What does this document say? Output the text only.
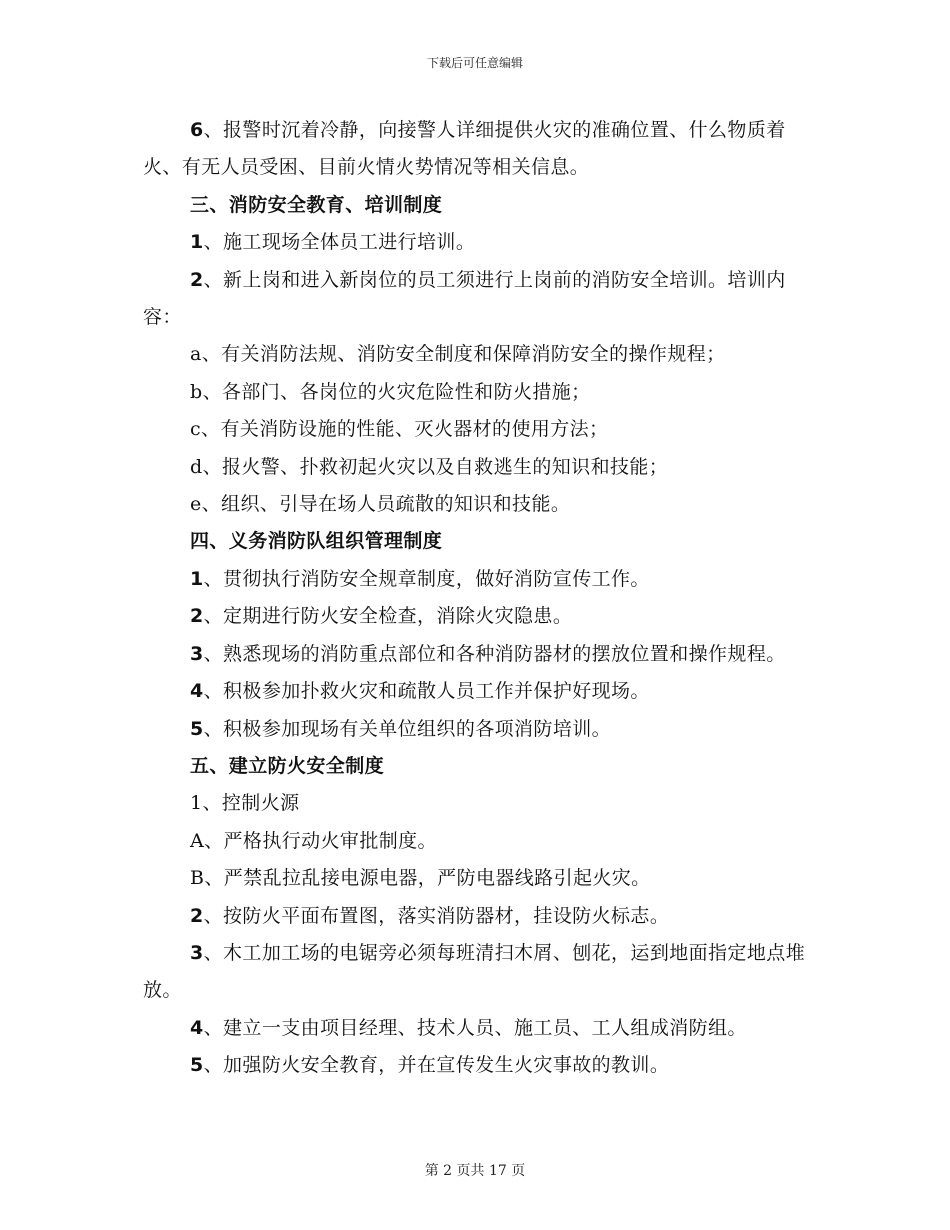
下载后可任意编辑

6、报警时沉着冷静，向接警人详细提供火灾的准确位置、什么物质着火、有无人员受困、目前火情火势情况等相关信息。

三、消防安全教育、培训制度

1、施工现场全体员工进行培训。

2、新上岗和进入新岗位的员工须进行上岗前的消防安全培训。培训内容：

a、有关消防法规、消防安全制度和保障消防安全的操作规程；

b、各部门、各岗位的火灾危险性和防火措施；

c、有关消防设施的性能、灭火器材的使用方法；

d、报火警、扑救初起火灾以及自救逃生的知识和技能；

e、组织、引导在场人员疏散的知识和技能。

四、义务消防队组织管理制度

1、贯彻执行消防安全规章制度，做好消防宣传工作。

2、定期进行防火安全检查，消除火灾隐患。

3、熟悉现场的消防重点部位和各种消防器材的摆放位置和操作规程。

4、积极参加扑救火灾和疏散人员工作并保护好现场。

5、积极参加现场有关单位组织的各项消防培训。

五、建立防火安全制度

1、控制火源

A、严格执行动火审批制度。

B、严禁乱拉乱接电源电器，严防电器线路引起火灾。

2、按防火平面布置图，落实消防器材，挂设防火标志。

3、木工加工场的电锯旁必须每班清扫木屑、刨花，运到地面指定地点堆放。

4、建立一支由项目经理、技术人员、施工员、工人组成消防组。

5、加强防火安全教育，并在宣传发生火灾事故的教训。

第 2 页共 17 页
